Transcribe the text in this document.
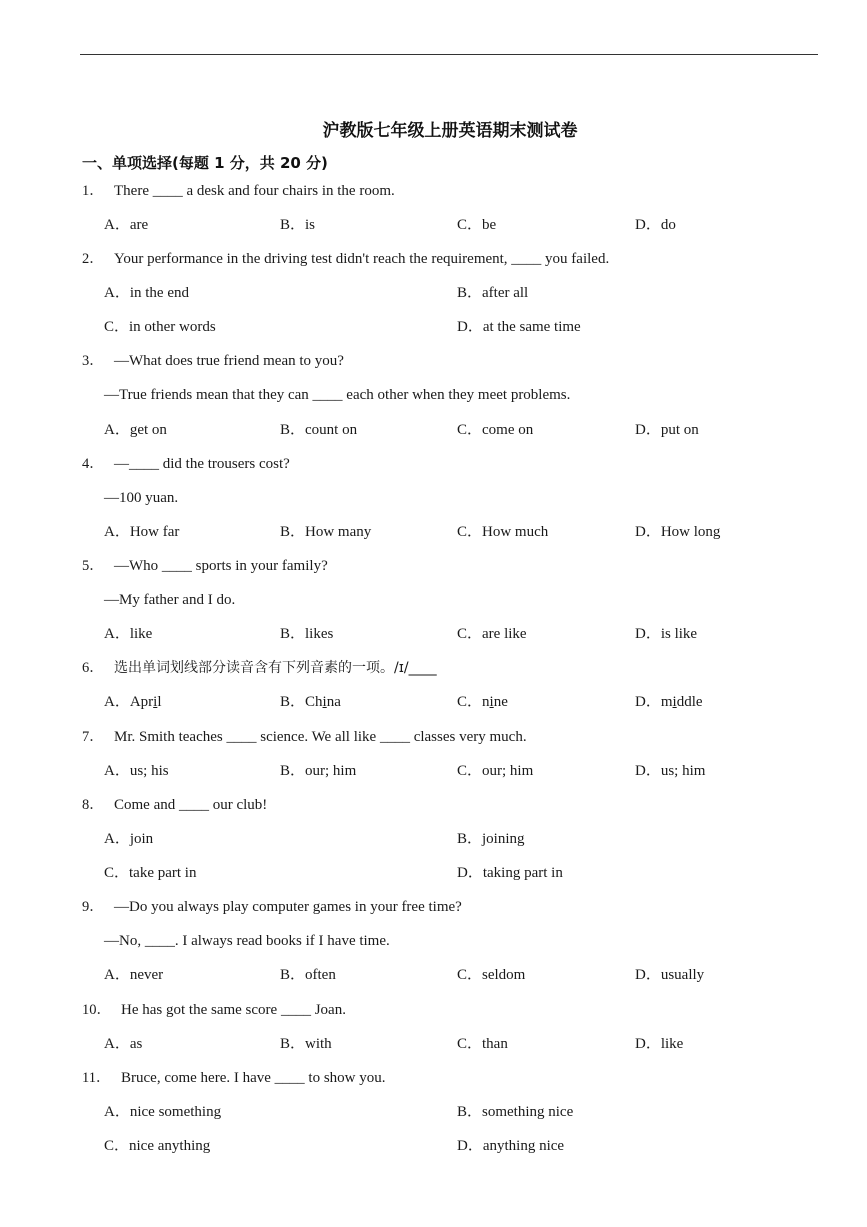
沪教版七年级上册英语期末测试卷
一、单项选择(每题 1 分，共 20 分)
1． There ____ a desk and four chairs in the room.
A．are	B．is	C．be	D．do
2． Your performance in the driving test didn't reach the requirement, ____ you failed.
A．in the end	B．after all
C．in other words	D．at the same time
3． —What does true friend mean to you?
—True friends mean that they can ____ each other when they meet problems.
A．get on	B．count on	C．come on	D．put on
4． —____ did the trousers cost?
—100 yuan.
A．How far	B．How many	C．How much	D．How long
5． —Who ____ sports in your family?
—My father and I do.
A．like	B．likes	C．are like	D．is like
6． 选出单词划线部分读音含有下列音素的一项。/ɪ/____
A．April	B．China	C．nine	D．middle
7． Mr. Smith teaches ____ science. We all like ____ classes very much.
A．us; his	B．our; him	C．our; him	D．us; him
8． Come and ____ our club!
A．join	B．joining
C．take part in	D．taking part in
9． —Do you always play computer games in your free time?
—No, ____. I always read books if I have time.
A．never	B．often	C．seldom	D．usually
10． He has got the same score ____ Joan.
A．as	B．with	C．than	D．like
11． Bruce, come here. I have ____ to show you.
A．nice something	B．something nice
C．nice anything	D．anything nice
